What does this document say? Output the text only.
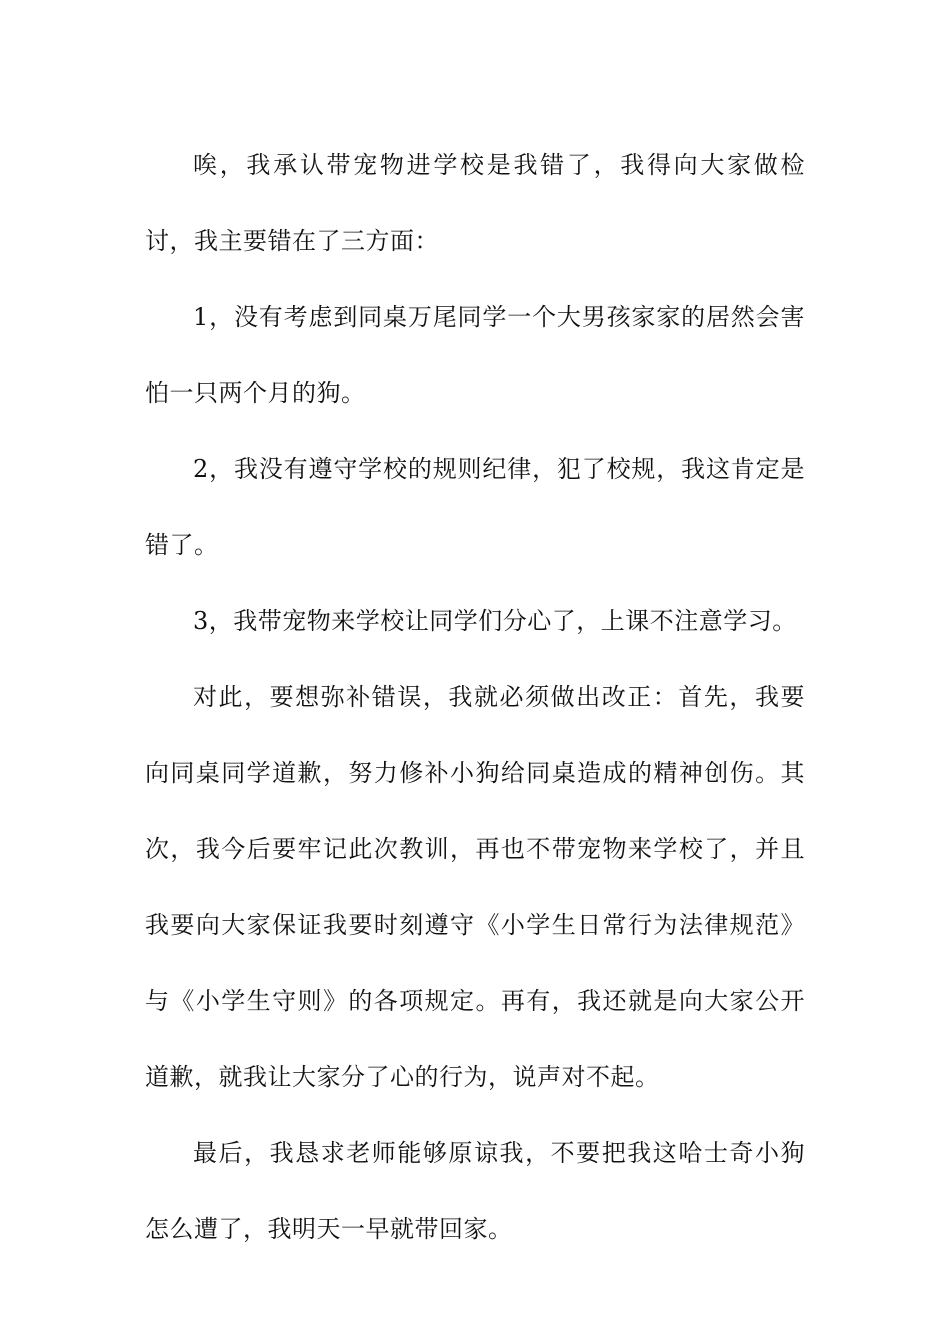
唉，我承认带宠物进学校是我错了，我得向大家做检讨，我主要错在了三方面：

1，没有考虑到同桌万尾同学一个大男孩家家的居然会害怕一只两个月的狗。

2，我没有遵守学校的规则纪律，犯了校规，我这肯定是错了。

3，我带宠物来学校让同学们分心了，上课不注意学习。

对此，要想弥补错误，我就必须做出改正：首先，我要向同桌同学道歉，努力修补小狗给同桌造成的精神创伤。其次，我今后要牢记此次教训，再也不带宠物来学校了，并且我要向大家保证我要时刻遵守《小学生日常行为法律规范》与《小学生守则》的各项规定。再有，我还就是向大家公开道歉，就我让大家分了心的行为，说声对不起。

最后，我恳求老师能够原谅我，不要把我这哈士奇小狗怎么遭了，我明天一早就带回家。
